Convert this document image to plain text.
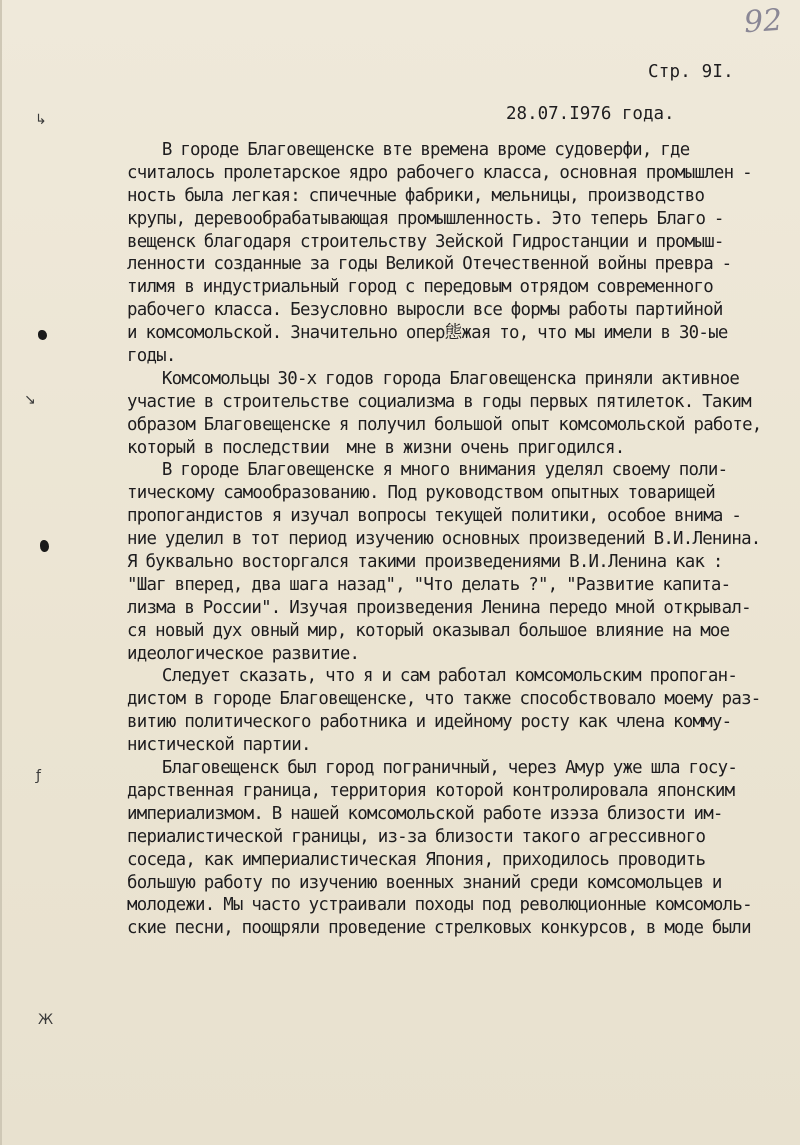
92
Стр. 9I.
28.07.I976 года.
↳
↘
ƒ
Ж
В городе Благовещенске вте времена вроме судоверфи, где
считалось пролетарское ядро рабочего класса, основная промышлен -
ность была легкая: спичечные фабрики, мельницы, производство
крупы, деревообрабатывающая промышленность. Это теперь Благо -
вещенск благодаря строительству Зейской Гидростанции и промыш-
ленности созданные за годы Великой Отечественной войны превра -
тилмя в индустриальный город с передовым отрядом современного
рабочего класса. Безусловно выросли все формы работы партийной
и комсомольской. Значительно опер態жая то, что мы имели в 30-ые
годы.
Комсомольцы 30-х годов города Благовещенска приняли активное
участие в строительстве социализма в годы первых пятилеток. Таким
образом Благовещенске я получил большой опыт комсомольской работе,
который в последствии  мне в жизни очень пригодился.
В городе Благовещенске я много внимания уделял своему поли-
тическому самообразованию. Под руководством опытных товарищей
пропогандистов я изучал вопросы текущей политики, особое внима -
ние уделил в тот период изучению основных произведений В.И.Ленина.
Я буквально восторгался такими произведениями В.И.Ленина как :
"Шаг вперед, два шага назад", "Что делать ?", "Развитие капита-
лизма в России". Изучая произведения Ленина передо мной открывал-
ся новый дух овный мир, который оказывал большое влияние на мое
идеологическое развитие.
Следует сказать, что я и сам работал комсомольским пропоган-
дистом в городе Благовещенске, что также способствовало моему раз-
витию политического работника и идейному росту как члена комму-
нистической партии.
Благовещенск был город пограничный, через Амур уже шла госу-
дарственная граница, территория которой контролировала японским
империализмом. В нашей комсомольской работе изэза близости им-
периалистической границы, из-за близости такого агрессивного
соседа, как империалистическая Япония, приходилось проводить
большую работу по изучению военных знаний среди комсомольцев и
молодежи. Мы часто устраивали походы под революционные комсомоль-
ские песни, поощряли проведение стрелковых конкурсов, в моде были
